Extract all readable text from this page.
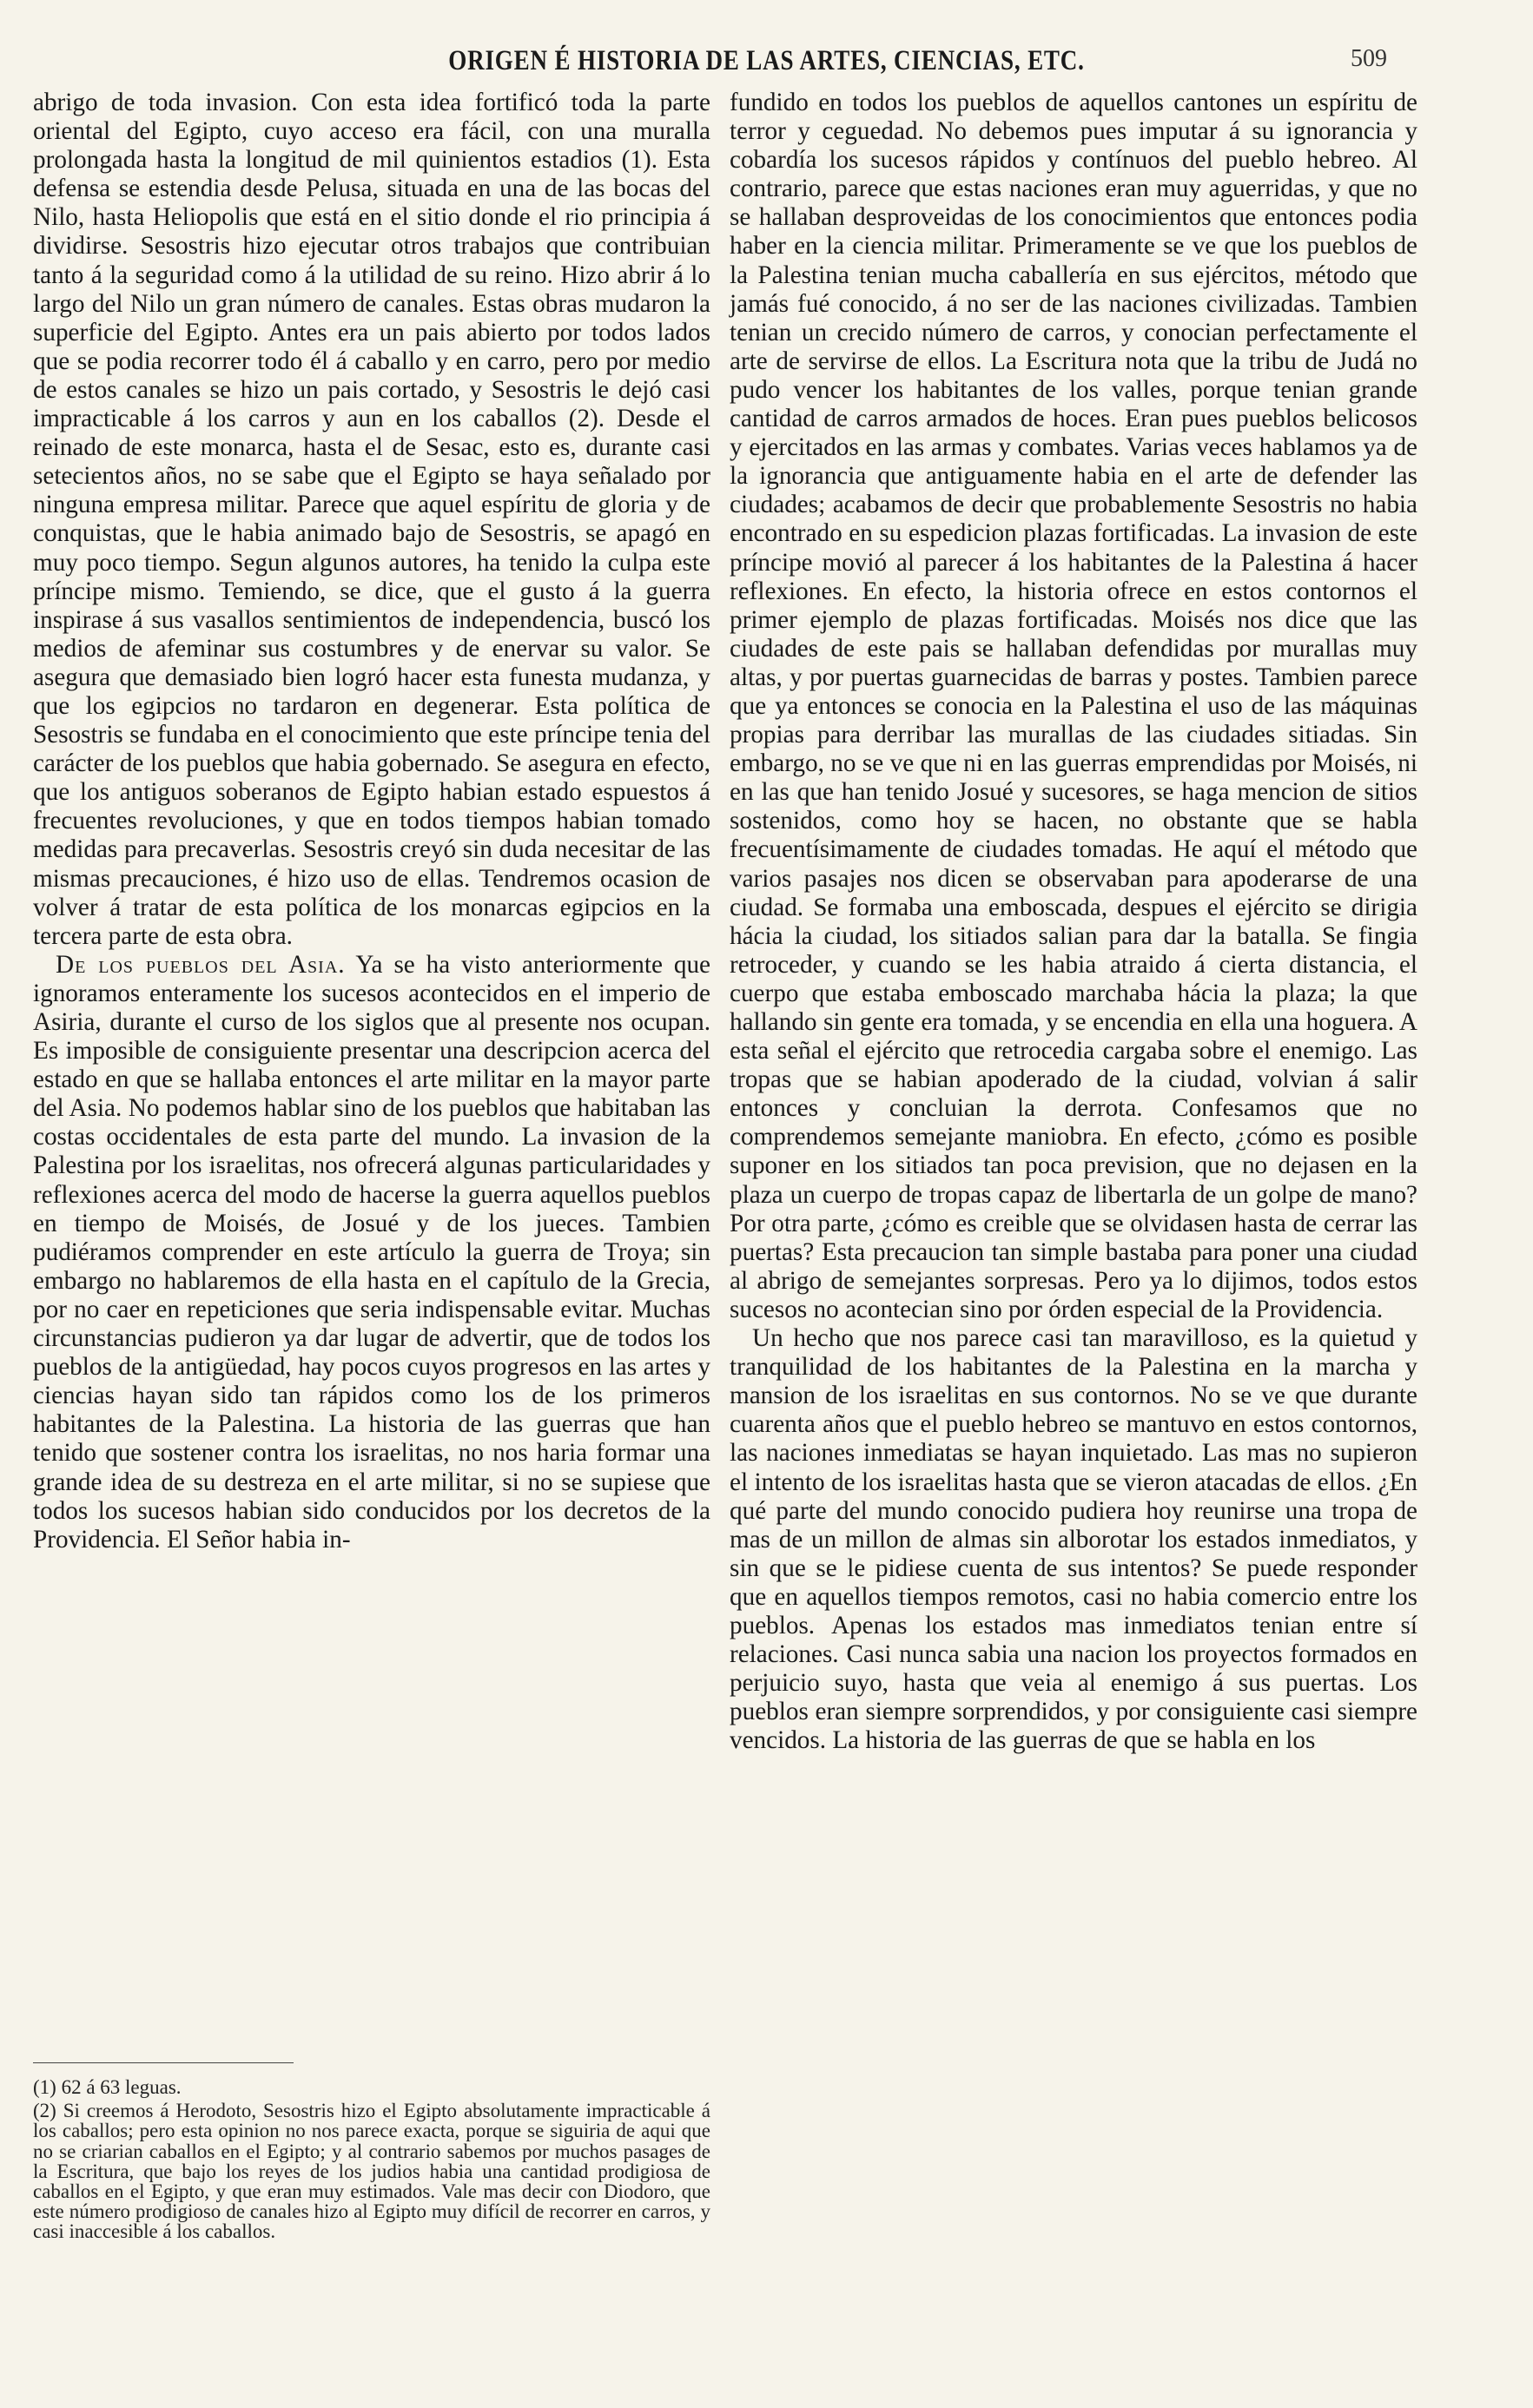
ORIGEN É HISTORIA DE LAS ARTES, CIENCIAS, ETC.	509

abrigo de toda invasion. Con esta idea fortificó toda la parte oriental del Egipto, cuyo acceso era fácil, con una muralla prolongada hasta la longitud de mil quinientos estadios (1). Esta defensa se estendia desde Pelusa, situada en una de las bocas del Nilo, hasta Heliopolis que está en el sitio donde el rio principia á dividirse. Sesostris hizo ejecutar otros trabajos que contribuian tanto á la seguridad como á la utilidad de su reino. Hizo abrir á lo largo del Nilo un gran número de canales. Estas obras mudaron la superficie del Egipto. Antes era un pais abierto por todos lados que se podia recorrer todo él á caballo y en carro, pero por medio de estos canales se hizo un pais cortado, y Sesostris le dejó casi impracticable á los carros y aun en los caballos (2). Desde el reinado de este monarca, hasta el de Sesac, esto es, durante casi setecientos años, no se sabe que el Egipto se haya señalado por ninguna empresa militar. Parece que aquel espíritu de gloria y de conquistas, que le habia animado bajo de Sesostris, se apagó en muy poco tiempo. Segun algunos autores, ha tenido la culpa este príncipe mismo. Temiendo, se dice, que el gusto á la guerra inspirase á sus vasallos sentimientos de independencia, buscó los medios de afeminar sus costumbres y de enervar su valor. Se asegura que demasiado bien logró hacer esta funesta mudanza, y que los egipcios no tardaron en degenerar. Esta política de Sesostris se fundaba en el conocimiento que este príncipe tenia del carácter de los pueblos que habia gobernado. Se asegura en efecto, que los antiguos soberanos de Egipto habian estado espuestos á frecuentes revoluciones, y que en todos tiempos habian tomado medidas para precaverlas. Sesostris creyó sin duda necesitar de las mismas precauciones, é hizo uso de ellas. Tendremos ocasion de volver á tratar de esta política de los monarcas egipcios en la tercera parte de esta obra.

De los pueblos del Asia. Ya se ha visto anteriormente que ignoramos enteramente los sucesos acontecidos en el imperio de Asiria, durante el curso de los siglos que al presente nos ocupan. Es imposible de consiguiente presentar una descripcion acerca del estado en que se hallaba entonces el arte militar en la mayor parte del Asia. No podemos hablar sino de los pueblos que habitaban las costas occidentales de esta parte del mundo. La invasion de la Palestina por los israelitas, nos ofrecerá algunas particularidades y reflexiones acerca del modo de hacerse la guerra aquellos pueblos en tiempo de Moisés, de Josué y de los jueces. Tambien pudiéramos comprender en este artículo la guerra de Troya; sin embargo no hablaremos de ella hasta en el capítulo de la Grecia, por no caer en repeticiones que seria indispensable evitar. Muchas circunstancias pudieron ya dar lugar de advertir, que de todos los pueblos de la antigüedad, hay pocos cuyos progresos en las artes y ciencias hayan sido tan rápidos como los de los primeros habitantes de la Palestina. La historia de las guerras que han tenido que sostener contra los israelitas, no nos haria formar una grande idea de su destreza en el arte militar, si no se supiese que todos los sucesos habian sido conducidos por los decretos de la Providencia. El Señor habia in-

(1) 62 á 63 leguas.

(2) Si creemos á Herodoto, Sesostris hizo el Egipto absolutamente impracticable á los caballos; pero esta opinion no nos parece exacta, porque se siguiria de aqui que no se criarian caballos en el Egipto; y al contrario sabemos por muchos pasages de la Escritura, que bajo los reyes de los judios habia una cantidad prodigiosa de caballos en el Egipto, y que eran muy estimados. Vale mas decir con Diodoro, que este número prodigioso de canales hizo al Egipto muy difícil de recorrer en carros, y casi inaccesible á los caballos.

fundido en todos los pueblos de aquellos cantones un espíritu de terror y ceguedad. No debemos pues imputar á su ignorancia y cobardía los sucesos rápidos y contínuos del pueblo hebreo. Al contrario, parece que estas naciones eran muy aguerridas, y que no se hallaban desproveidas de los conocimientos que entonces podia haber en la ciencia militar. Primeramente se ve que los pueblos de la Palestina tenian mucha caballería en sus ejércitos, método que jamás fué conocido, á no ser de las naciones civilizadas. Tambien tenian un crecido número de carros, y conocian perfectamente el arte de servirse de ellos. La Escritura nota que la tribu de Judá no pudo vencer los habitantes de los valles, porque tenian grande cantidad de carros armados de hoces. Eran pues pueblos belicosos y ejercitados en las armas y combates. Varias veces hablamos ya de la ignorancia que antiguamente habia en el arte de defender las ciudades; acabamos de decir que probablemente Sesostris no habia encontrado en su espedicion plazas fortificadas. La invasion de este príncipe movió al parecer á los habitantes de la Palestina á hacer reflexiones. En efecto, la historia ofrece en estos contornos el primer ejemplo de plazas fortificadas. Moisés nos dice que las ciudades de este pais se hallaban defendidas por murallas muy altas, y por puertas guarnecidas de barras y postes. Tambien parece que ya entonces se conocia en la Palestina el uso de las máquinas propias para derribar las murallas de las ciudades sitiadas. Sin embargo, no se ve que ni en las guerras emprendidas por Moisés, ni en las que han tenido Josué y sucesores, se haga mencion de sitios sostenidos, como hoy se hacen, no obstante que se habla frecuentísimamente de ciudades tomadas. He aquí el método que varios pasajes nos dicen se observaban para apoderarse de una ciudad. Se formaba una emboscada, despues el ejército se dirigia hácia la ciudad, los sitiados salian para dar la batalla. Se fingia retroceder, y cuando se les habia atraido á cierta distancia, el cuerpo que estaba emboscado marchaba hácia la plaza; la que hallando sin gente era tomada, y se encendia en ella una hoguera. A esta señal el ejército que retrocedia cargaba sobre el enemigo. Las tropas que se habian apoderado de la ciudad, volvian á salir entonces y concluian la derrota. Confesamos que no comprendemos semejante maniobra. En efecto, ¿cómo es posible suponer en los sitiados tan poca prevision, que no dejasen en la plaza un cuerpo de tropas capaz de libertarla de un golpe de mano? Por otra parte, ¿cómo es creible que se olvidasen hasta de cerrar las puertas? Esta precaucion tan simple bastaba para poner una ciudad al abrigo de semejantes sorpresas. Pero ya lo dijimos, todos estos sucesos no acontecian sino por órden especial de la Providencia.

Un hecho que nos parece casi tan maravilloso, es la quietud y tranquilidad de los habitantes de la Palestina en la marcha y mansion de los israelitas en sus contornos. No se ve que durante cuarenta años que el pueblo hebreo se mantuvo en estos contornos, las naciones inmediatas se hayan inquietado. Las mas no supieron el intento de los israelitas hasta que se vieron atacadas de ellos. ¿En qué parte del mundo conocido pudiera hoy reunirse una tropa de mas de un millon de almas sin alborotar los estados inmediatos, y sin que se le pidiese cuenta de sus intentos? Se puede responder que en aquellos tiempos remotos, casi no habia comercio entre los pueblos. Apenas los estados mas inmediatos tenian entre sí relaciones. Casi nunca sabia una nacion los proyectos formados en perjuicio suyo, hasta que veia al enemigo á sus puertas. Los pueblos eran siempre sorprendidos, y por consiguiente casi siempre vencidos. La historia de las guerras de que se habla en los
